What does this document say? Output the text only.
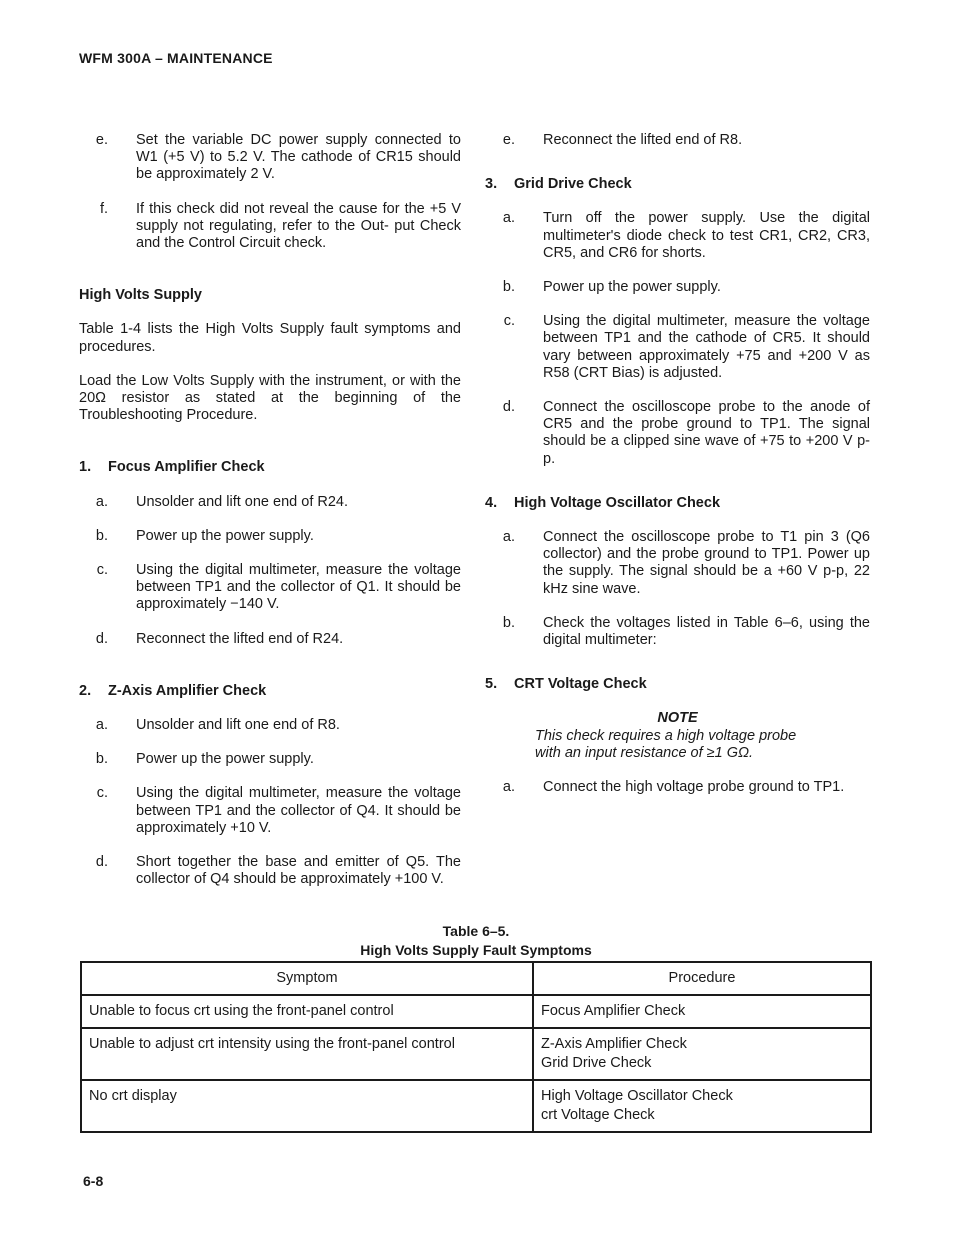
WFM 300A – MAINTENANCE
e.	Set the variable DC power supply connected to W1 (+5 V) to 5.2 V. The cathode of CR15 should be approximately 2 V.
f.	If this check did not reveal the cause for the +5 V supply not regulating, refer to the Out- put Check and the Control Circuit check.
High Volts Supply
Table 1-4 lists the High Volts Supply fault symptoms and procedures.
Load the Low Volts Supply with the instrument, or with the 20Ω resistor as stated at the beginning of the Troubleshooting Procedure.
1.	Focus Amplifier Check
a.	Unsolder and lift one end of R24.
b.	Power up the power supply.
c.	Using the digital multimeter, measure the voltage between TP1 and the collector of Q1. It should be approximately −140 V.
d.	Reconnect the lifted end of R24.
2.	Z-Axis Amplifier Check
a.	Unsolder and lift one end of R8.
b.	Power up the power supply.
c.	Using the digital multimeter, measure the voltage between TP1 and the collector of Q4. It should be approximately +10 V.
d.	Short together the base and emitter of Q5. The collector of Q4 should be approximately +100 V.
e.	Reconnect the lifted end of R8.
3.	Grid Drive Check
a.	Turn off the power supply. Use the digital multimeter's diode check to test CR1, CR2, CR3, CR5, and CR6 for shorts.
b.	Power up the power supply.
c.	Using the digital multimeter, measure the voltage between TP1 and the cathode of CR5. It should vary between approximately +75 and +200 V as R58 (CRT Bias) is adjusted.
d.	Connect the oscilloscope probe to the anode of CR5 and the probe ground to TP1. The signal should be a clipped sine wave of +75 to +200 V p-p.
4.	High Voltage Oscillator Check
a.	Connect the oscilloscope probe to T1 pin 3 (Q6 collector) and the probe ground to TP1. Power up the supply. The signal should be a +60 V p-p, 22 kHz sine wave.
b.	Check the voltages listed in Table 6–6, using the digital multimeter:
5.	CRT Voltage Check
NOTE
This check requires a high voltage probe with an input resistance of ≥1 GΩ.
a.	Connect the high voltage probe ground to TP1.
Table 6–5.
High Volts Supply Fault Symptoms
Symptom	Procedure
Unable to focus crt using the front-panel control	Focus Amplifier Check

Unable to adjust crt intensity using the front-panel control	Z-Axis Amplifier Check
Grid Drive Check

No crt display	High Voltage Oscillator Check
crt Voltage Check
6-8
